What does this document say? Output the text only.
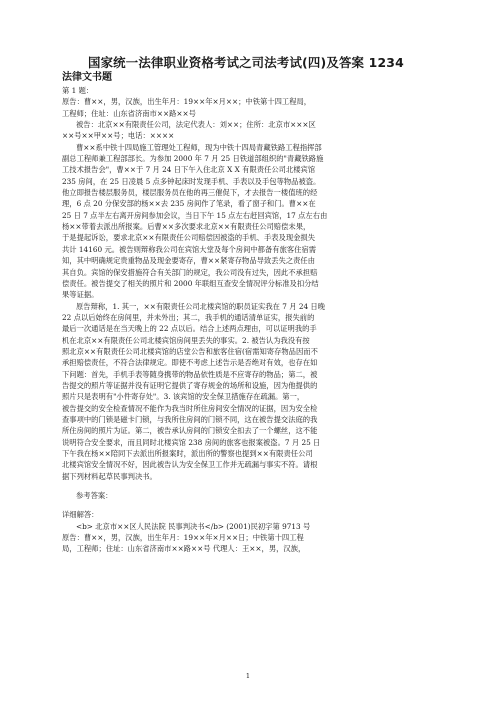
国家统一法律职业资格考试之司法考试(四)及答案 1234
法律文书题
第 1 题：
原告：曹××，男，汉族，出生年月：19××年×月××；中铁第十四工程局，
工程师；住址：山东省济南市××路××号
被告：北京××有限责任公司，法定代表人：刘××；住所：北京市×××区
××号××甲××号；电话：××××
曹××系中铁十四局施工管理处工程师，现为中铁十四局青藏铁路工程指挥部
副总工程师兼工程部部长。为参加 2000 年 7 月 25 日铁道部组织的"青藏铁路施
工技术报告会"，曹××于 7 月 24 日下午入住北京 X X 有限责任公司北楼宾馆
235 房间，在 25 日凌晨 5 点多钟起床时发现手机、手表以及手包等物品被盗。
他立即报告楼层服务员，楼层服务员在他的再三催促下，才去报告一楼值班的经
理，6 点 20 分保安部的杨××去 235 房间作了笔录，看了窗子和门。曹××在
25 日 7 点半左右离开房间参加会议，当日下午 15 点左右赶回宾馆，17 点左右由
杨××带着去派出所报案。后曹××多次要求北京××有限责任公司赔偿未果，
于是提起诉讼，要求北京××有限责任公司赔偿因被盗的手机、手表及现金损失
共计 14160 元。被告则辩称我公司在宾馆大堂及每个房间中都备有旅客住宿需
知，其中明确规定贵重物品及现金要寄存，曹××紧寄存物品导致丢失之责任由
其自负。宾馆的保安措施符合有关部门的规定，我公司没有过失，因此不承担赔
偿责任。被告提交了相关的照片和 2000 年联组互查安全情况评分标准及扣分结
果等证据。
原告辩称，1. 其一，××有限责任公司北楼宾馆的职员证实我在 7 月 24 日晚
22 点以后始终在房间里，并未外出；其二，我手机的通话清单证实，报失前的
最后一次通话是在当天晚上的 22 点以后。结合上述两点理由，可以证明我的手
机在北京××有限责任公司北楼宾馆房间里丢失的事实。2. 被告认为我没有按
照北京××有限责任公司北楼宾馆的店堂公告和旅客住宿(宿需知寄存物品因而不
承担赔偿责任，不符合法律规定。即使不考虑上述告示是否绝对有效，也存在如
下问题：首先，手机手表等随身携带的物品依性质是不应寄存的物品；第二，被
告提交的照片等证据并没有证明它提供了寄存规金的场所和设施，因为他提供的
照片只是表明有"小件寄存处"。3. 该宾馆的安全保卫措施存在疏漏。第一，
被告提交的安全检查情况不能作为我当时所住房间安全情况的证据，因为安全检
查事项中的门锁是磁卡门锁，与我所住房间的门锁不同，这在被告提交法庭的我
所住房间的照片为证。第二，被告承认房间的门锁安全扣去了一个螺丝，这不能
说明符合安全要求，而且同时北楼宾馆 238 房间的旅客也报案被盗。7 月 25 日
下午我在杨××陪同下去派出所报案时，派出所的警察也提到××有限责任公司
北楼宾馆安全情况不好，因此被告认为安全保卫工作并无疏漏与事实不符。请根
据下列材料起草民事判决书。
参考答案：
详细解答：
<b> 北京市××区人民法院 民事判决书</b> (2001)民初字第 9713 号
原告：曹××，男，汉族，出生年月：19××年×月××日；中铁第十四工程
局，工程师；住址：山东省济南市××路××号 代理人：王××，男，汉族，
1
